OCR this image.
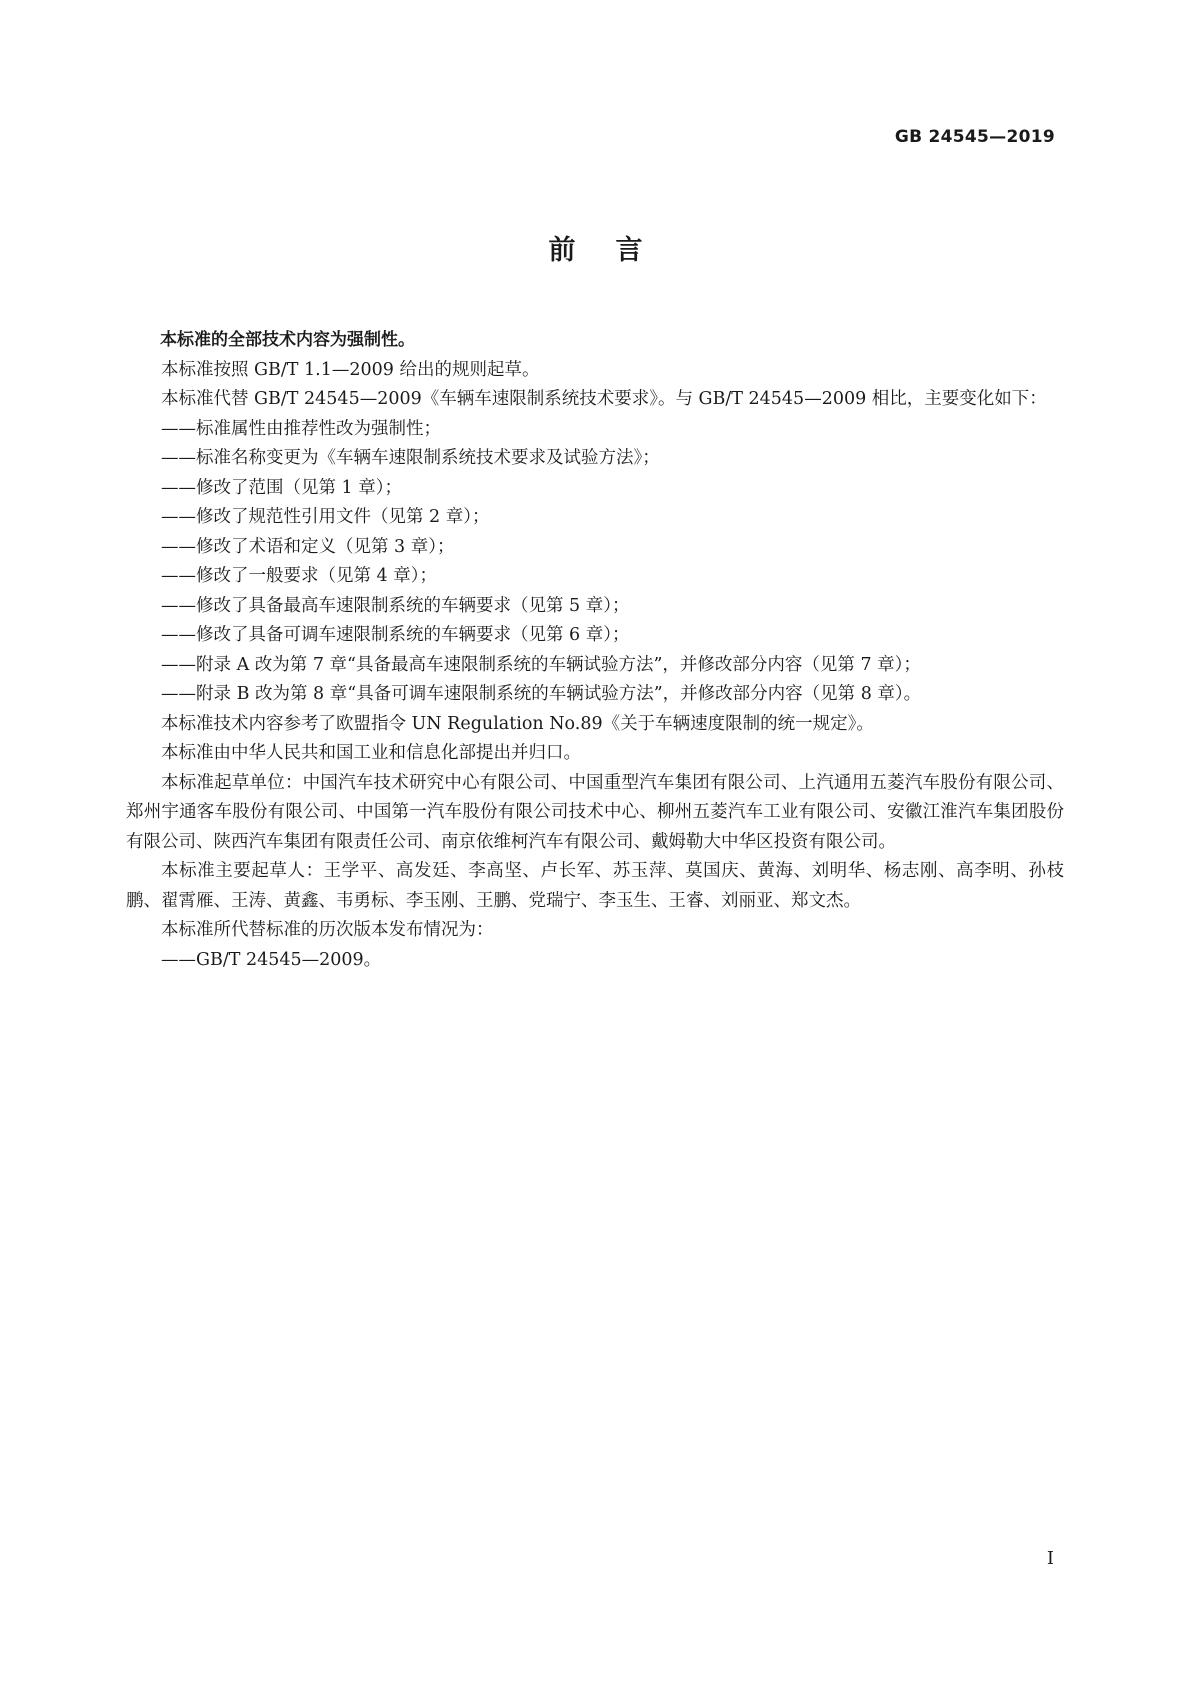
GB 24545—2019
前言

本标准的全部技术内容为强制性。

本标准按照 GB/T 1.1—2009 给出的规则起草。

本标准代替 GB/T 24545—2009《车辆车速限制系统技术要求》。与 GB/T 24545—2009 相比，主要变化如下：

——标准属性由推荐性改为强制性；

——标准名称变更为《车辆车速限制系统技术要求及试验方法》；

——修改了范围（见第 1 章）；

——修改了规范性引用文件（见第 2 章）；

——修改了术语和定义（见第 3 章）；

——修改了一般要求（见第 4 章）；

——修改了具备最高车速限制系统的车辆要求（见第 5 章）；

——修改了具备可调车速限制系统的车辆要求（见第 6 章）；

——附录 A 改为第 7 章“具备最高车速限制系统的车辆试验方法”，并修改部分内容（见第 7 章）；

——附录 B 改为第 8 章“具备可调车速限制系统的车辆试验方法”，并修改部分内容（见第 8 章）。

本标准技术内容参考了欧盟指令 UN Regulation No.89《关于车辆速度限制的统一规定》。

本标准由中华人民共和国工业和信息化部提出并归口。

本标准起草单位：中国汽车技术研究中心有限公司、中国重型汽车集团有限公司、上汽通用五菱汽车股份有限公司、郑州宇通客车股份有限公司、中国第一汽车股份有限公司技术中心、柳州五菱汽车工业有限公司、安徽江淮汽车集团股份有限公司、陕西汽车集团有限责任公司、南京依维柯汽车有限公司、戴姆勒大中华区投资有限公司。

本标准主要起草人：王学平、高发廷、李高坚、卢长军、苏玉萍、莫国庆、黄海、刘明华、杨志刚、高李明、孙枝鹏、翟霄雁、王涛、黄鑫、韦勇标、李玉刚、王鹏、党瑞宁、李玉生、王睿、刘丽亚、郑文杰。

本标准所代替标准的历次版本发布情况为：

——GB/T 24545—2009。

I
